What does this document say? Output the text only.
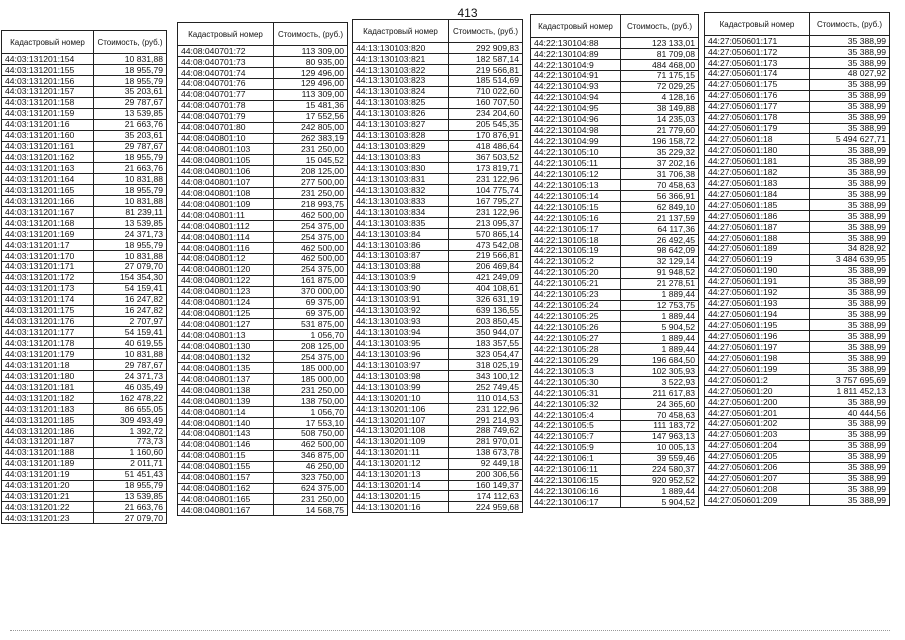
413
Кадастровый номер	Стоимость, (руб.)
44:03:131201:154	10 831,88
44:03:131201:155	18 955,79
44:03:131201:156	18 955,79
44:03:131201:157	35 203,61
44:03:131201:158	29 787,67
44:03:131201:159	13 539,85
44:03:131201:16	21 663,76
44:03:131201:160	35 203,61
44:03:131201:161	29 787,67
44:03:131201:162	18 955,79
44:03:131201:163	21 663,76
44:03:131201:164	10 831,88
44:03:131201:165	18 955,79
44:03:131201:166	10 831,88
44:03:131201:167	81 239,11
44:03:131201:168	13 539,85
44:03:131201:169	24 371,73
44:03:131201:17	18 955,79
44:03:131201:170	10 831,88
44:03:131201:171	27 079,70
44:03:131201:172	154 354,30
44:03:131201:173	54 159,41
44:03:131201:174	16 247,82
44:03:131201:175	16 247,82
44:03:131201:176	2 707,97
44:03:131201:177	54 159,41
44:03:131201:178	40 619,55
44:03:131201:179	10 831,88
44:03:131201:18	29 787,67
44:03:131201:180	24 371,73
44:03:131201:181	46 035,49
44:03:131201:182	162 478,22
44:03:131201:183	86 655,05
44:03:131201:185	309 493,49
44:03:131201:186	1 392,72
44:03:131201:187	773,73
44:03:131201:188	1 160,60
44:03:131201:189	2 011,71
44:03:131201:19	51 451,43
44:03:131201:20	18 955,79
44:03:131201:21	13 539,85
44:03:131201:22	21 663,76
44:03:131201:23	27 079,70
Кадастровый номер	Стоимость, (руб.)
44:08:040701:72	113 309,00
44:08:040701:73	80 935,00
44:08:040701:74	129 496,00
44:08:040701:76	129 496,00
44:08:040701:77	113 309,00
44:08:040701:78	15 481,36
44:08:040701:79	17 552,56
44:08:040701:80	242 805,00
44:08:040801:10	262 383,19
44:08:040801:103	231 250,00
44:08:040801:105	15 045,52
44:08:040801:106	208 125,00
44:08:040801:107	277 500,00
44:08:040801:108	231 250,00
44:08:040801:109	218 993,75
44:08:040801:11	462 500,00
44:08:040801:112	254 375,00
44:08:040801:114	254 375,00
44:08:040801:116	462 500,00
44:08:040801:12	462 500,00
44:08:040801:120	254 375,00
44:08:040801:122	161 875,00
44:08:040801:123	370 000,00
44:08:040801:124	69 375,00
44:08:040801:125	69 375,00
44:08:040801:127	531 875,00
44:08:040801:13	1 056,70
44:08:040801:130	208 125,00
44:08:040801:132	254 375,00
44:08:040801:135	185 000,00
44:08:040801:137	185 000,00
44:08:040801:138	231 250,00
44:08:040801:139	138 750,00
44:08:040801:14	1 056,70
44:08:040801:140	17 553,10
44:08:040801:143	508 750,00
44:08:040801:146	462 500,00
44:08:040801:15	346 875,00
44:08:040801:155	46 250,00
44:08:040801:157	323 750,00
44:08:040801:162	624 375,00
44:08:040801:165	231 250,00
44:08:040801:167	14 568,75
Кадастровый номер	Стоимость, (руб.)
44:13:130103:820	292 909,83
44:13:130103:821	182 587,14
44:13:130103:822	219 566,81
44:13:130103:823	185 514,69
44:13:130103:824	710 022,60
44:13:130103:825	160 707,50
44:13:130103:826	234 204,60
44:13:130103:827	205 545,35
44:13:130103:828	170 876,91
44:13:130103:829	418 486,64
44:13:130103:83	367 503,52
44:13:130103:830	173 819,71
44:13:130103:831	231 122,96
44:13:130103:832	104 775,74
44:13:130103:833	167 795,27
44:13:130103:834	231 122,96
44:13:130103:835	213 095,37
44:13:130103:84	570 865,14
44:13:130103:86	473 542,08
44:13:130103:87	219 566,81
44:13:130103:88	206 469,84
44:13:130103:9	421 249,09
44:13:130103:90	404 108,61
44:13:130103:91	326 631,19
44:13:130103:92	639 136,55
44:13:130103:93	203 850,45
44:13:130103:94	350 944,07
44:13:130103:95	183 357,55
44:13:130103:96	323 054,47
44:13:130103:97	318 025,19
44:13:130103:98	343 100,12
44:13:130103:99	252 749,45
44:13:130201:10	110 014,53
44:13:130201:106	231 122,96
44:13:130201:107	291 214,93
44:13:130201:108	288 749,62
44:13:130201:109	281 970,01
44:13:130201:11	138 673,78
44:13:130201:12	92 449,18
44:13:130201:13	200 306,56
44:13:130201:14	160 149,37
44:13:130201:15	174 112,63
44:13:130201:16	224 959,68
Кадастровый номер	Стоимость, (руб.)
44:22:130104:88	123 133,01
44:22:130104:89	81 709,08
44:22:130104:9	484 468,00
44:22:130104:91	71 175,15
44:22:130104:93	72 029,25
44:22:130104:94	4 128,16
44:22:130104:95	38 149,88
44:22:130104:96	14 235,03
44:22:130104:98	21 779,60
44:22:130104:99	196 158,72
44:22:130105:10	35 229,32
44:22:130105:11	37 202,16
44:22:130105:12	31 706,38
44:22:130105:13	70 458,63
44:22:130105:14	56 366,91
44:22:130105:15	62 849,10
44:22:130105:16	21 137,59
44:22:130105:17	64 117,36
44:22:130105:18	26 492,45
44:22:130105:19	98 642,09
44:22:130105:2	32 129,14
44:22:130105:20	91 948,52
44:22:130105:21	21 278,51
44:22:130105:23	1 889,44
44:22:130105:24	12 753,75
44:22:130105:25	1 889,44
44:22:130105:26	5 904,52
44:22:130105:27	1 889,44
44:22:130105:28	1 889,44
44:22:130105:29	196 684,50
44:22:130105:3	102 305,93
44:22:130105:30	3 522,93
44:22:130105:31	211 617,83
44:22:130105:32	24 365,60
44:22:130105:4	70 458,63
44:22:130105:5	111 183,72
44:22:130105:7	147 963,13
44:22:130105:9	10 005,13
44:22:130106:1	39 559,46
44:22:130106:11	224 580,37
44:22:130106:15	920 952,52
44:22:130106:16	1 889,44
44:22:130106:17	5 904,52
Кадастровый номер	Стоимость, (руб.)
44:27:050601:171	35 388,99
44:27:050601:172	35 388,99
44:27:050601:173	35 388,99
44:27:050601:174	48 027,92
44:27:050601:175	35 388,99
44:27:050601:176	35 388,99
44:27:050601:177	35 388,99
44:27:050601:178	35 388,99
44:27:050601:179	35 388,99
44:27:050601:18	5 494 627,71
44:27:050601:180	35 388,99
44:27:050601:181	35 388,99
44:27:050601:182	35 388,99
44:27:050601:183	35 388,99
44:27:050601:184	35 388,99
44:27:050601:185	35 388,99
44:27:050601:186	35 388,99
44:27:050601:187	35 388,99
44:27:050601:188	35 388,99
44:27:050601:189	34 828,92
44:27:050601:19	3 484 639,95
44:27:050601:190	35 388,99
44:27:050601:191	35 388,99
44:27:050601:192	35 388,99
44:27:050601:193	35 388,99
44:27:050601:194	35 388,99
44:27:050601:195	35 388,99
44:27:050601:196	35 388,99
44:27:050601:197	35 388,99
44:27:050601:198	35 388,99
44:27:050601:199	35 388,99
44:27:050601:2	3 757 695,69
44:27:050601:20	1 811 452,13
44:27:050601:200	35 388,99
44:27:050601:201	40 444,56
44:27:050601:202	35 388,99
44:27:050601:203	35 388,99
44:27:050601:204	35 388,99
44:27:050601:205	35 388,99
44:27:050601:206	35 388,99
44:27:050601:207	35 388,99
44:27:050601:208	35 388,99
44:27:050601:209	35 388,99
